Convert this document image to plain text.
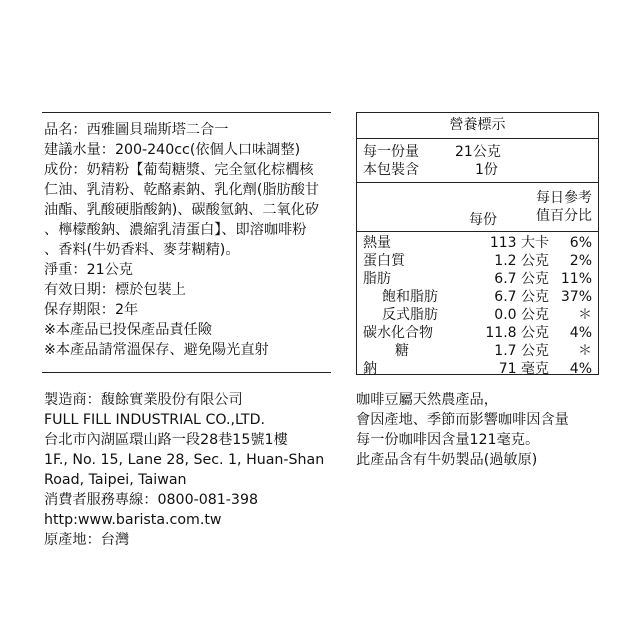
品名：西雅圖貝瑞斯塔二合一
建議水量：200-240cc(依個人口味調整)
成份：奶精粉【葡萄糖漿、完全氫化棕櫚核
仁油、乳清粉、乾酪素鈉、乳化劑(脂肪酸甘
油酯、乳酸硬脂酸鈉)、碳酸氫鈉、二氧化矽
、檸檬酸鈉、濃縮乳清蛋白】、即溶咖啡粉
、香料(牛奶香料、麥芽糊精)。
淨重：21公克
有效日期：標於包裝上
保存期限：2年
※本產品已投保產品責任險
※本產品請常溫保存、避免陽光直射
營養標示
每一份量	21公克
本包裝含	1份
每份
每日參考
值百分比
熱量	113 大卡	6%
蛋白質	1.2 公克	2%
脂肪	6.7 公克 11%
飽和脂肪	6.7 公克 37%
反式脂肪	0.0 公克	＊
碳水化合物	11.8 公克	4%
糖	1.7 公克	＊
鈉	71 毫克	4%
製造商：馥餘實業股份有限公司
FULL FILL INDUSTRIAL CO.,LTD.
台北市內湖區環山路一段28巷15號1樓
1F., No. 15, Lane 28, Sec. 1, Huan-Shan
Road, Taipei, Taiwan
消費者服務專線：0800-081-398
http:www.barista.com.tw
原產地：台灣
咖啡豆屬天然農產品，
會因產地、季節而影響咖啡因含量
每一份咖啡因含量121毫克。
此產品含有牛奶製品(過敏原)
